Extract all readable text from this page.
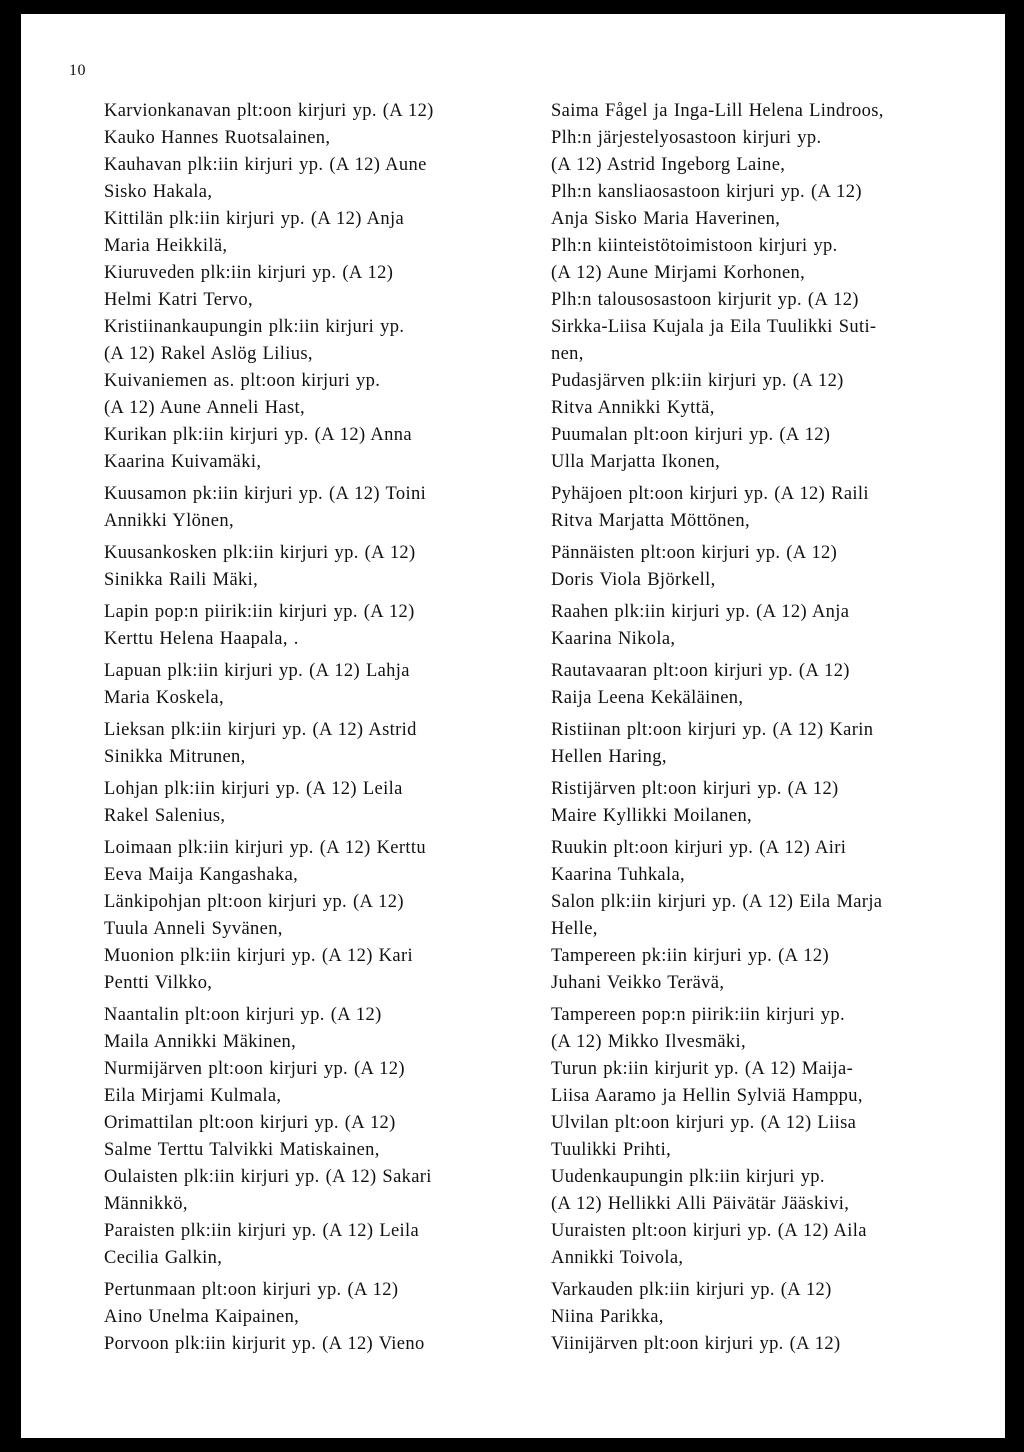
10
Karvionkanavan plt:oon kirjuri yp. (A 12)
Kauko Hannes Ruotsalainen,
Kauhavan plk:iin kirjuri yp. (A 12) Aune
Sisko Hakala,
Kittilän plk:iin kirjuri yp. (A 12) Anja
Maria Heikkilä,
Kiuruveden plk:iin kirjuri yp. (A 12)
Helmi Katri Tervo,
Kristiinankaupungin plk:iin kirjuri yp.
(A 12) Rakel Aslög Lilius,
Kuivaniemen as. plt:oon kirjuri yp.
(A 12) Aune Anneli Hast,
Kurikan plk:iin kirjuri yp. (A 12) Anna
Kaarina Kuivamäki,
Kuusamon pk:iin kirjuri yp. (A 12) Toini
Annikki Ylönen,
Kuusankosken plk:iin kirjuri yp. (A 12)
Sinikka Raili Mäki,
Lapin pop:n piirik:iin kirjuri yp. (A 12)
Kerttu Helena Haapala, .
Lapuan plk:iin kirjuri yp. (A 12) Lahja
Maria Koskela,
Lieksan plk:iin kirjuri yp. (A 12) Astrid
Sinikka Mitrunen,
Lohjan plk:iin kirjuri yp. (A 12) Leila
Rakel Salenius,
Loimaan plk:iin kirjuri yp. (A 12) Kerttu
Eeva Maija Kangashaka,
Länkipohjan plt:oon kirjuri yp. (A 12)
Tuula Anneli Syvänen,
Muonion plk:iin kirjuri yp. (A 12) Kari
Pentti Vilkko,
Naantalin plt:oon kirjuri yp. (A 12)
Maila Annikki Mäkinen,
Nurmijärven plt:oon kirjuri yp. (A 12)
Eila Mirjami Kulmala,
Orimattilan plt:oon kirjuri yp. (A 12)
Salme Terttu Talvikki Matiskainen,
Oulaisten plk:iin kirjuri yp. (A 12) Sakari
Männikkö,
Paraisten plk:iin kirjuri yp. (A 12) Leila
Cecilia Galkin,
Pertunmaan plt:oon kirjuri yp. (A 12)
Aino Unelma Kaipainen,
Porvoon plk:iin kirjurit yp. (A 12) Vieno
Saima Fågel ja Inga-Lill Helena Lindroos,
Plh:n järjestelyosastoon kirjuri yp.
(A 12) Astrid Ingeborg Laine,
Plh:n kansliaosastoon kirjuri yp. (A 12)
Anja Sisko Maria Haverinen,
Plh:n kiinteistötoimistoon kirjuri yp.
(A 12) Aune Mirjami Korhonen,
Plh:n talousosastoon kirjurit yp. (A 12)
Sirkka-Liisa Kujala ja Eila Tuulikki Suti-
nen,
Pudasjärven plk:iin kirjuri yp. (A 12)
Ritva Annikki Kyttä,
Puumalan plt:oon kirjuri yp. (A 12)
Ulla Marjatta Ikonen,
Pyhäjoen plt:oon kirjuri yp. (A 12) Raili
Ritva Marjatta Möttönen,
Pännäisten plt:oon kirjuri yp. (A 12)
Doris Viola Björkell,
Raahen plk:iin kirjuri yp. (A 12) Anja
Kaarina Nikola,
Rautavaaran plt:oon kirjuri yp. (A 12)
Raija Leena Kekäläinen,
Ristiinan plt:oon kirjuri yp. (A 12) Karin
Hellen Haring,
Ristijärven plt:oon kirjuri yp. (A 12)
Maire Kyllikki Moilanen,
Ruukin plt:oon kirjuri yp. (A 12) Airi
Kaarina Tuhkala,
Salon plk:iin kirjuri yp. (A 12) Eila Marja
Helle,
Tampereen pk:iin kirjuri yp. (A 12)
Juhani Veikko Terävä,
Tampereen pop:n piirik:iin kirjuri yp.
(A 12) Mikko Ilvesmäki,
Turun pk:iin kirjurit yp. (A 12) Maija-
Liisa Aaramo ja Hellin Sylviä Hamppu,
Ulvilan plt:oon kirjuri yp. (A 12) Liisa
Tuulikki Prihti,
Uudenkaupungin plk:iin kirjuri yp.
(A 12) Hellikki Alli Päivätär Jääskivi,
Uuraisten plt:oon kirjuri yp. (A 12) Aila
Annikki Toivola,
Varkauden plk:iin kirjuri yp. (A 12)
Niina Parikka,
Viinijärven plt:oon kirjuri yp. (A 12)
